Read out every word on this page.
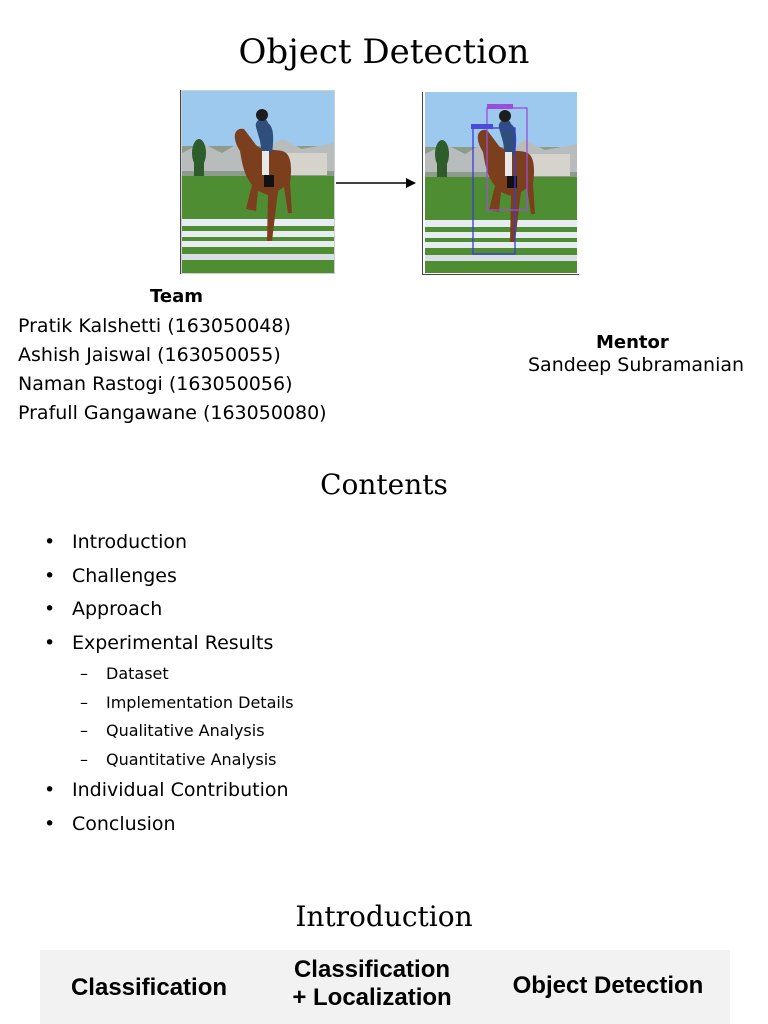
Object Detection
Team
Pratik Kalshetti (163050048)
Ashish Jaiswal (163050055)
Naman Rastogi (163050056)
Prafull Gangawane (163050080)
Mentor
Sandeep Subramanian
Contents
• Introduction
• Challenges
• Approach
• Experimental Results
– Dataset
– Implementation Details
– Qualitative Analysis
– Quantitative Analysis
• Individual Contribution
• Conclusion
Introduction
Classification
Classification
+ Localization	Object Detection
